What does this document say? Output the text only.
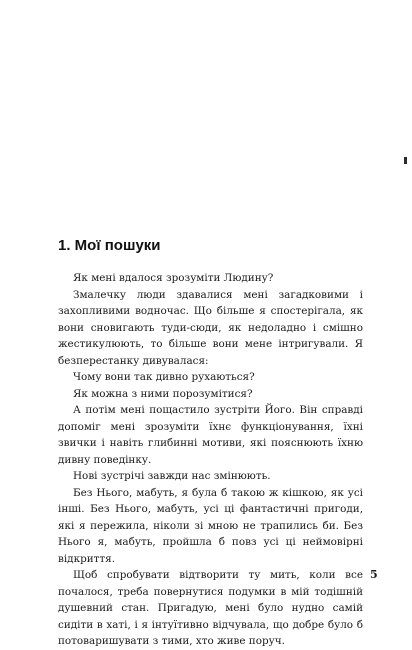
1. Мої пошуки

Як мені вдалося зрозуміти Людину?

Змалечку люди здавалися мені загадковими і захопливими водночас. Що більше я спостерігала, як вони сновигають туди-сюди, як недоладно і смішно жестикулюють, то більше вони мене інтригували. Я безперестанку дивувалася:

Чому вони так дивно рухаються?

Як можна з ними порозумітися?

А потім мені пощастило зустріти Його. Він справді допоміг мені зрозуміти їхнє функціонування, їхні звички і навіть глибинні мотиви, які пояснюють їхню дивну поведінку.

Нові зустрічі завжди нас змінюють.

Без Нього, мабуть, я була б такою ж кішкою, як усі інші. Без Нього, мабуть, усі ці фантастичні пригоди, які я пережила, ніколи зі мною не трапились би. Без Нього я, мабуть, пройшла б повз усі ці неймовірні відкриття.

Щоб спробувати відтворити ту мить, коли все почалося, треба повернутися подумки в мій тодішній душевний стан. Пригадую, мені було нудно самій сидіти в хаті, і я інтуїтивно відчувала, що добре було б потоваришувати з тими, хто живе поруч.

5
